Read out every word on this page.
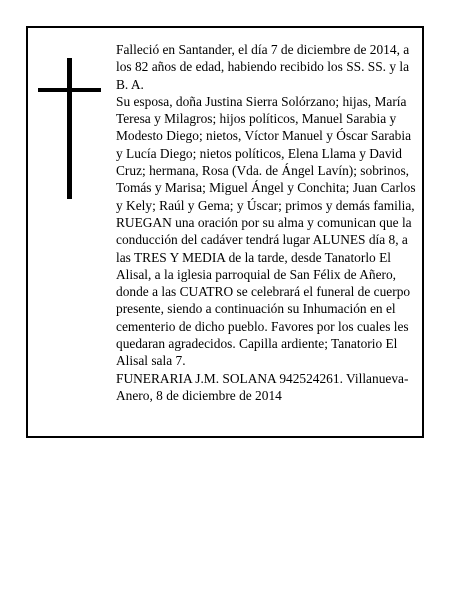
Falleció en Santander, el día 7 de diciembre de 2014, a los 82 años de edad, habiendo recibido los SS. SS. y la B. A.

Su esposa, doña Justina Sierra Solórzano; hijas, María Teresa y Milagros; hijos políticos, Manuel Sarabia y Modesto Diego; nietos, Víctor Manuel y Óscar Sarabia y Lucía Diego; nietos políticos, Elena Llama y David Cruz; hermana, Rosa (Vda. de Ángel Lavín); sobrinos, Tomás y Marisa; Miguel Ángel y Conchita; Juan Carlos y Kely; Raúl y Gema; y Úscar; primos y demás familia, RUEGAN una oración por su alma y comunican que la conducción del cadáver tendrá lugar ALUNES día 8, a las TRES Y MEDIA de la tarde, desde Tanatorlo El Alisal, a la iglesia parroquial de San Félix de Añero, donde a las CUATRO se celebrará el funeral de cuerpo presente, siendo a continuación su Inhumación en el cementerio de dicho pueblo. Favores por los cuales les quedaran agradecidos. Capilla ardiente; Tanatorio El Alisal sala 7.

FUNERARIA J.M. SOLANA 942524261. Villanueva-Anero, 8 de diciembre de 2014
